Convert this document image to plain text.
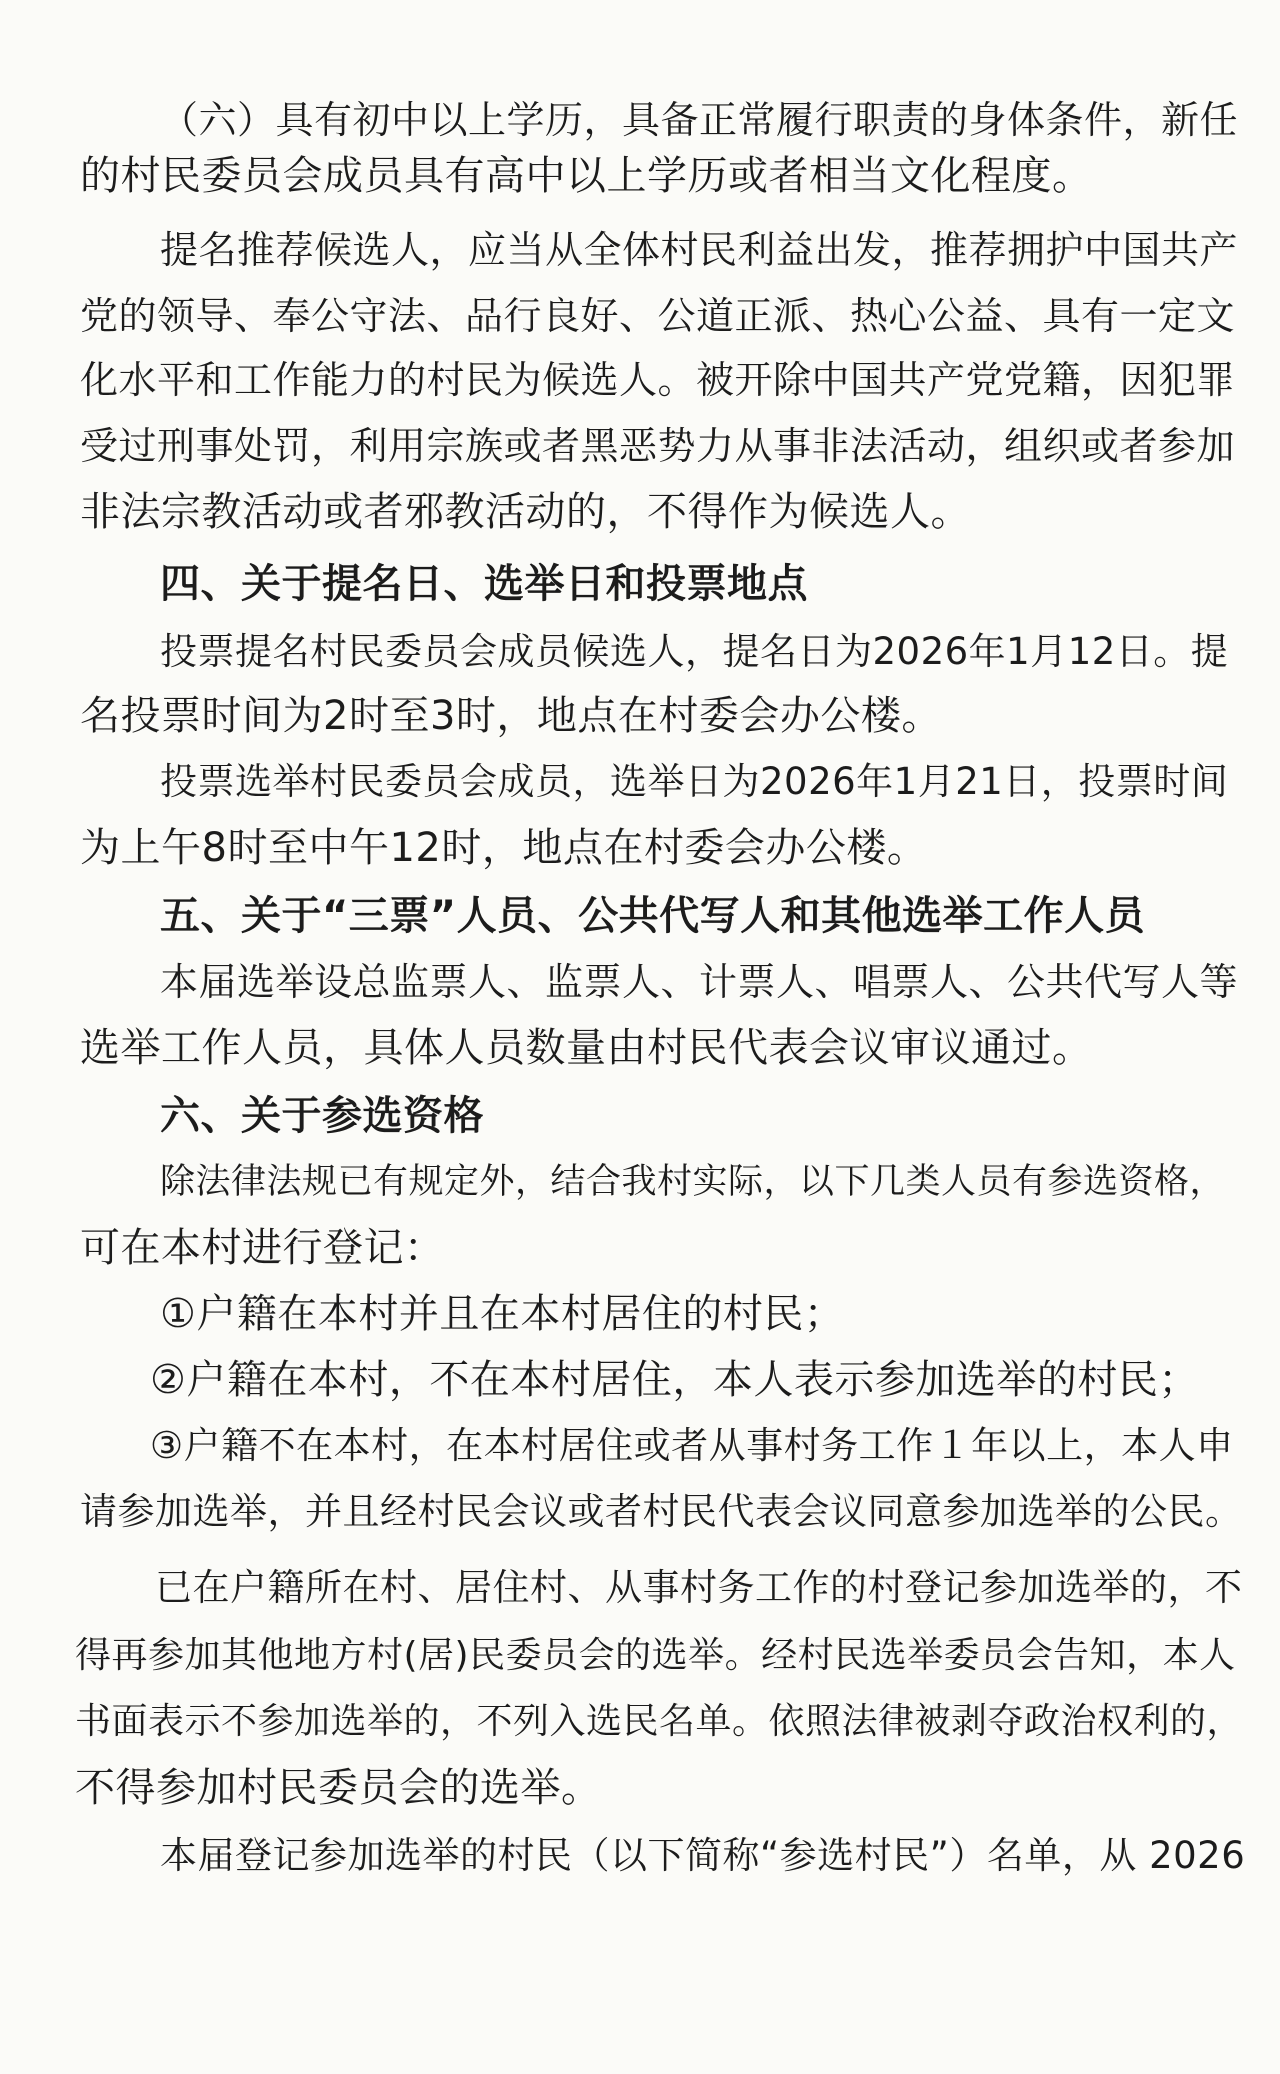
（六）具有初中以上学历，具备正常履行职责的身体条件，新任
的村民委员会成员具有高中以上学历或者相当文化程度。
提名推荐候选人，应当从全体村民利益出发，推荐拥护中国共产
党的领导、奉公守法、品行良好、公道正派、热心公益、具有一定文
化水平和工作能力的村民为候选人。被开除中国共产党党籍，因犯罪
受过刑事处罚，利用宗族或者黑恶势力从事非法活动，组织或者参加
非法宗教活动或者邪教活动的，不得作为候选人。
四、关于提名日、选举日和投票地点
投票提名村民委员会成员候选人，提名日为2026年1月12日。提
名投票时间为2时至3时，地点在村委会办公楼。
投票选举村民委员会成员，选举日为2026年1月21日，投票时间
为上午8时至中午12时，地点在村委会办公楼。
五、关于“三票”人员、公共代写人和其他选举工作人员
本届选举设总监票人、监票人、计票人、唱票人、公共代写人等
选举工作人员，具体人员数量由村民代表会议审议通过。
六、关于参选资格
除法律法规已有规定外，结合我村实际，以下几类人员有参选资格，
可在本村进行登记：
①户籍在本村并且在本村居住的村民；
②户籍在本村，不在本村居住，本人表示参加选举的村民；
③户籍不在本村，在本村居住或者从事村务工作１年以上，本人申
请参加选举，并且经村民会议或者村民代表会议同意参加选举的公民。
已在户籍所在村、居住村、从事村务工作的村登记参加选举的，不
得再参加其他地方村(居)民委员会的选举。经村民选举委员会告知，本人
书面表示不参加选举的，不列入选民名单。依照法律被剥夺政治权利的，
不得参加村民委员会的选举。
本届登记参加选举的村民（以下简称“参选村民”）名单，从 2026
